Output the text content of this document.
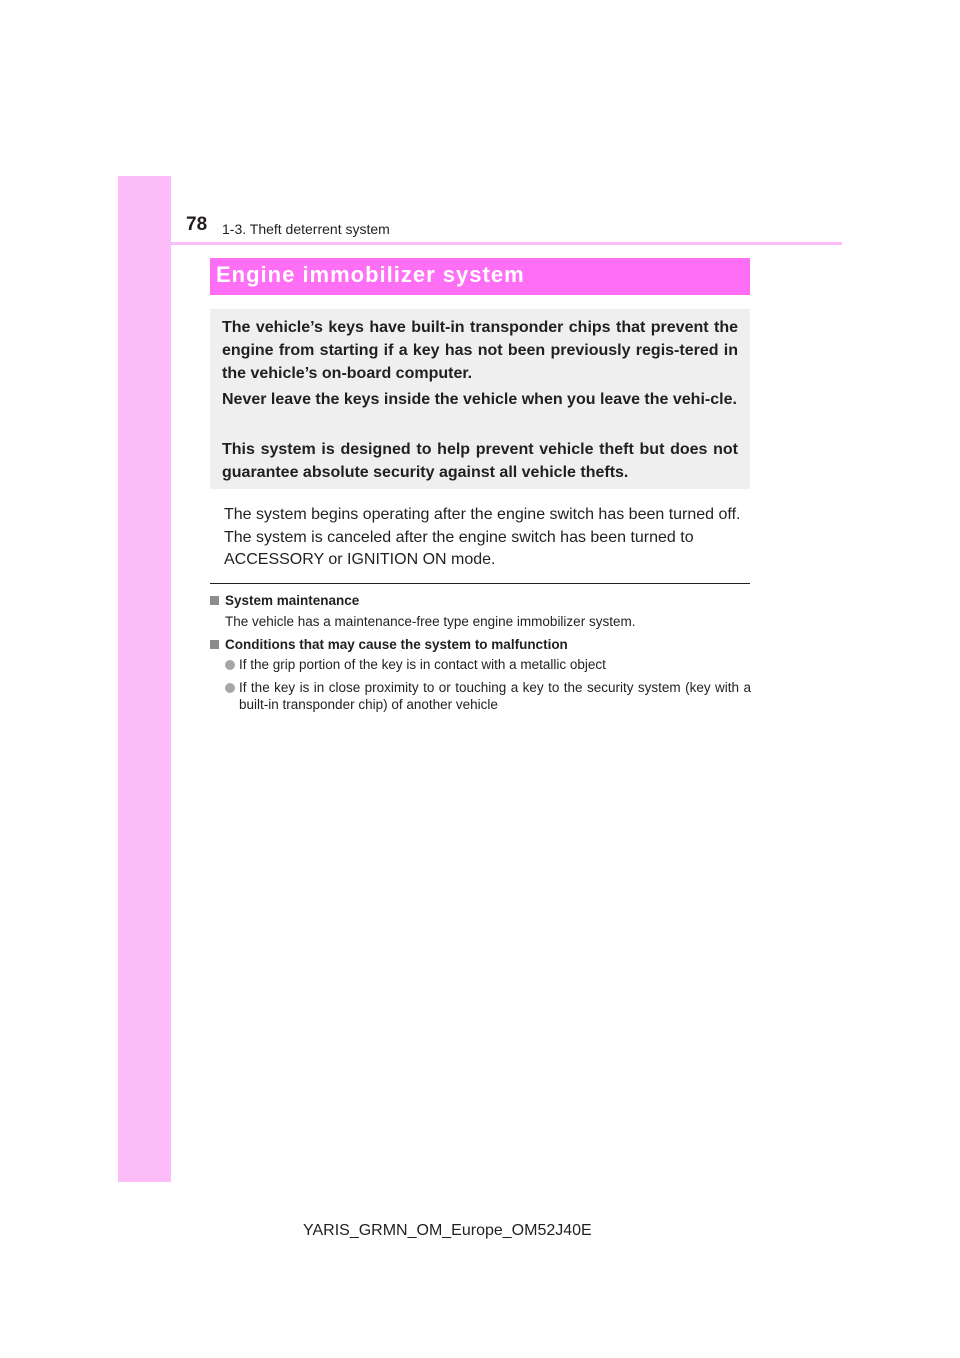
78 1-3. Theft deterrent system
Engine immobilizer system

The vehicle’s keys have built-in transponder chips that prevent the engine from starting if a key has not been previously regis-tered in the vehicle’s on-board computer.

Never leave the keys inside the vehicle when you leave the vehi-cle.

This system is designed to help prevent vehicle theft but does not guarantee absolute security against all vehicle thefts.

The system begins operating after the engine switch has been turned off. The system is canceled after the engine switch has been turned to ACCESSORY or IGNITION ON mode.
System maintenance
The vehicle has a maintenance-free type engine immobilizer system.
Conditions that may cause the system to malfunction
If the grip portion of the key is in contact with a metallic object
If the key is in close proximity to or touching a key to the security system (key with a built-in transponder chip) of another vehicle
YARIS_GRMN_OM_Europe_OM52J40E
